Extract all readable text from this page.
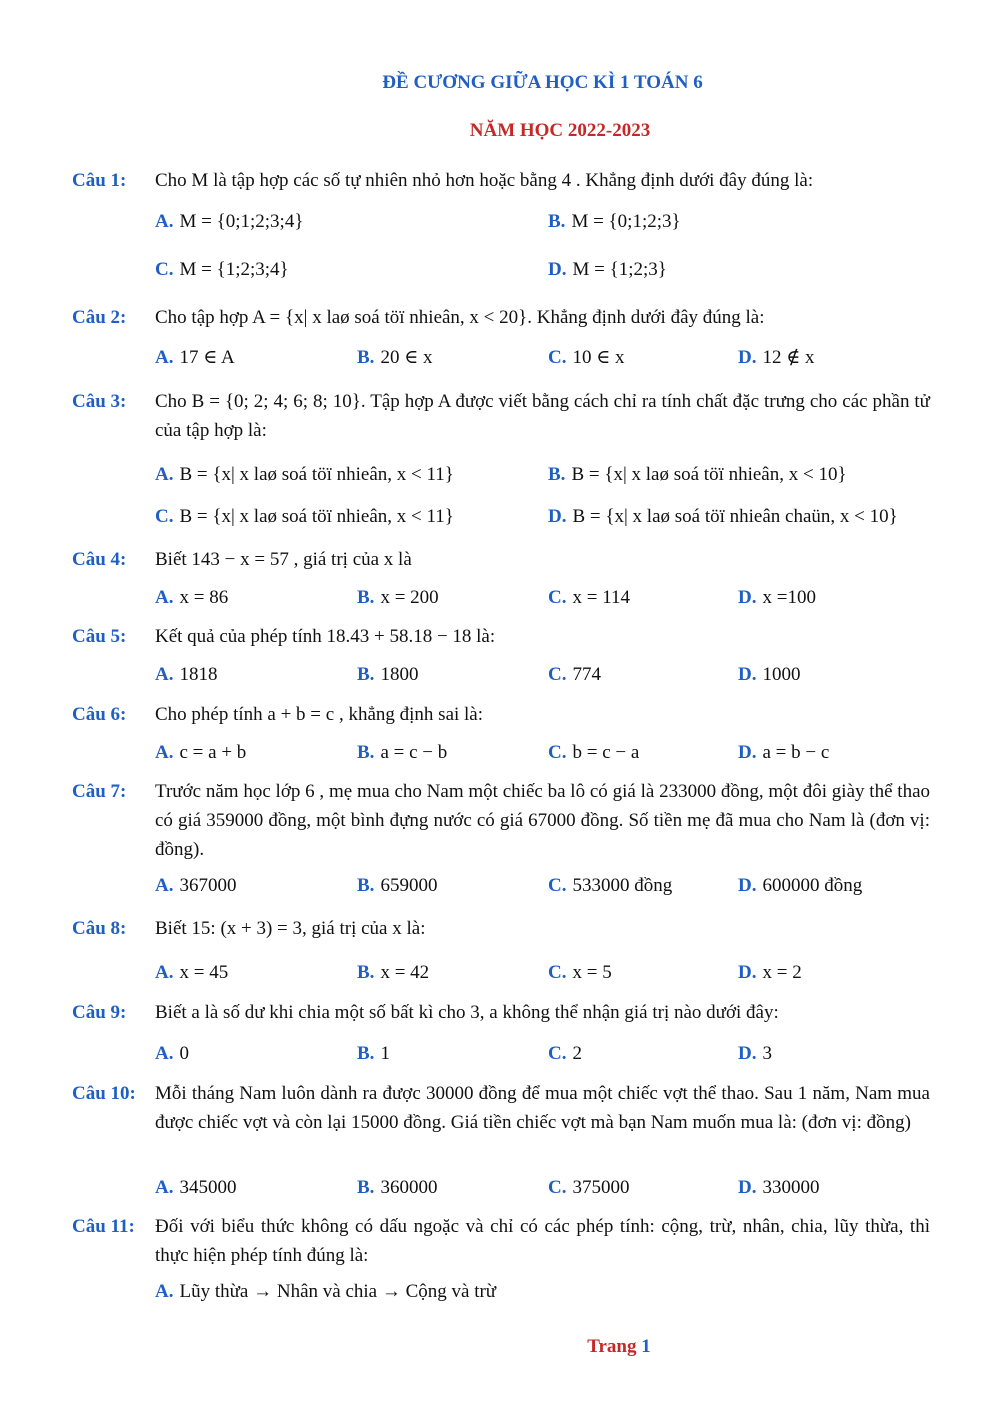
ĐỀ CƯƠNG GIỮA HỌC KÌ 1 TOÁN 6
NĂM HỌC 2022-2023
Câu 1: Cho M là tập hợp các số tự nhiên nhỏ hơn hoặc bằng 4 . Khẳng định dưới đây đúng là:
A. M = {0;1;2;3;4}	B. M = {0;1;2;3}
C. M = {1;2;3;4}	D. M = {1;2;3}
Câu 2: Cho tập hợp A = {x| x laø soá töï nhieân, x < 20}. Khẳng định dưới đây đúng là:
A. 17 ∈ A	B. 20 ∈ x	C. 10 ∈ x	D. 12 ∉ x
Câu 3: Cho B = {0; 2; 4; 6; 8; 10}. Tập hợp A được viết bằng cách chỉ ra tính chất đặc trưng cho các phần tử của tập hợp là:
A. B = {x| x laø soá töï nhieân, x < 11}	B. B = {x| x laø soá töï nhieân, x < 10}
C. B = {x| x laø soá töï nhieân, x < 11}	D. B = {x| x laø soá töï nhieân chaün, x < 10}
Câu 4: Biết 143 − x = 57 , giá trị của x là
A. x = 86	B. x = 200	C. x = 114	D. x =100
Câu 5: Kết quả của phép tính 18.43 + 58.18 − 18 là:
A. 1818	B. 1800	C. 774	D. 1000
Câu 6: Cho phép tính a + b = c , khẳng định sai là:
A. c = a + b	B. a = c − b	C. b = c − a	D. a = b − c
Câu 7: Trước năm học lớp 6 , mẹ mua cho Nam một chiếc ba lô có giá là 233000 đồng, một đôi giày thể thao có giá 359000 đồng, một bình đựng nước có giá 67000 đồng. Số tiền mẹ đã mua cho Nam là (đơn vị: đồng).
A. 367000	B. 659000	C. 533000 đồng	D. 600000 đồng
Câu 8: Biết 15: (x + 3) = 3, giá trị của x là:
A. x = 45	B. x = 42	C. x = 5	D. x = 2
Câu 9: Biết a là số dư khi chia một số bất kì cho 3, a không thể nhận giá trị nào dưới đây:
A. 0	B. 1	C. 2	D. 3
Câu 10: Mỗi tháng Nam luôn dành ra được 30000 đồng để mua một chiếc vợt thể thao. Sau 1 năm, Nam mua được chiếc vợt và còn lại 15000 đồng. Giá tiền chiếc vợt mà bạn Nam muốn mua là: (đơn vị: đồng)
A. 345000	B. 360000	C. 375000	D. 330000
Câu 11: Đối với biểu thức không có dấu ngoặc và chỉ có các phép tính: cộng, trừ, nhân, chia, lũy thừa, thì thực hiện phép tính đúng là:
A. Lũy thừa → Nhân và chia → Cộng và trừ
Trang 1
